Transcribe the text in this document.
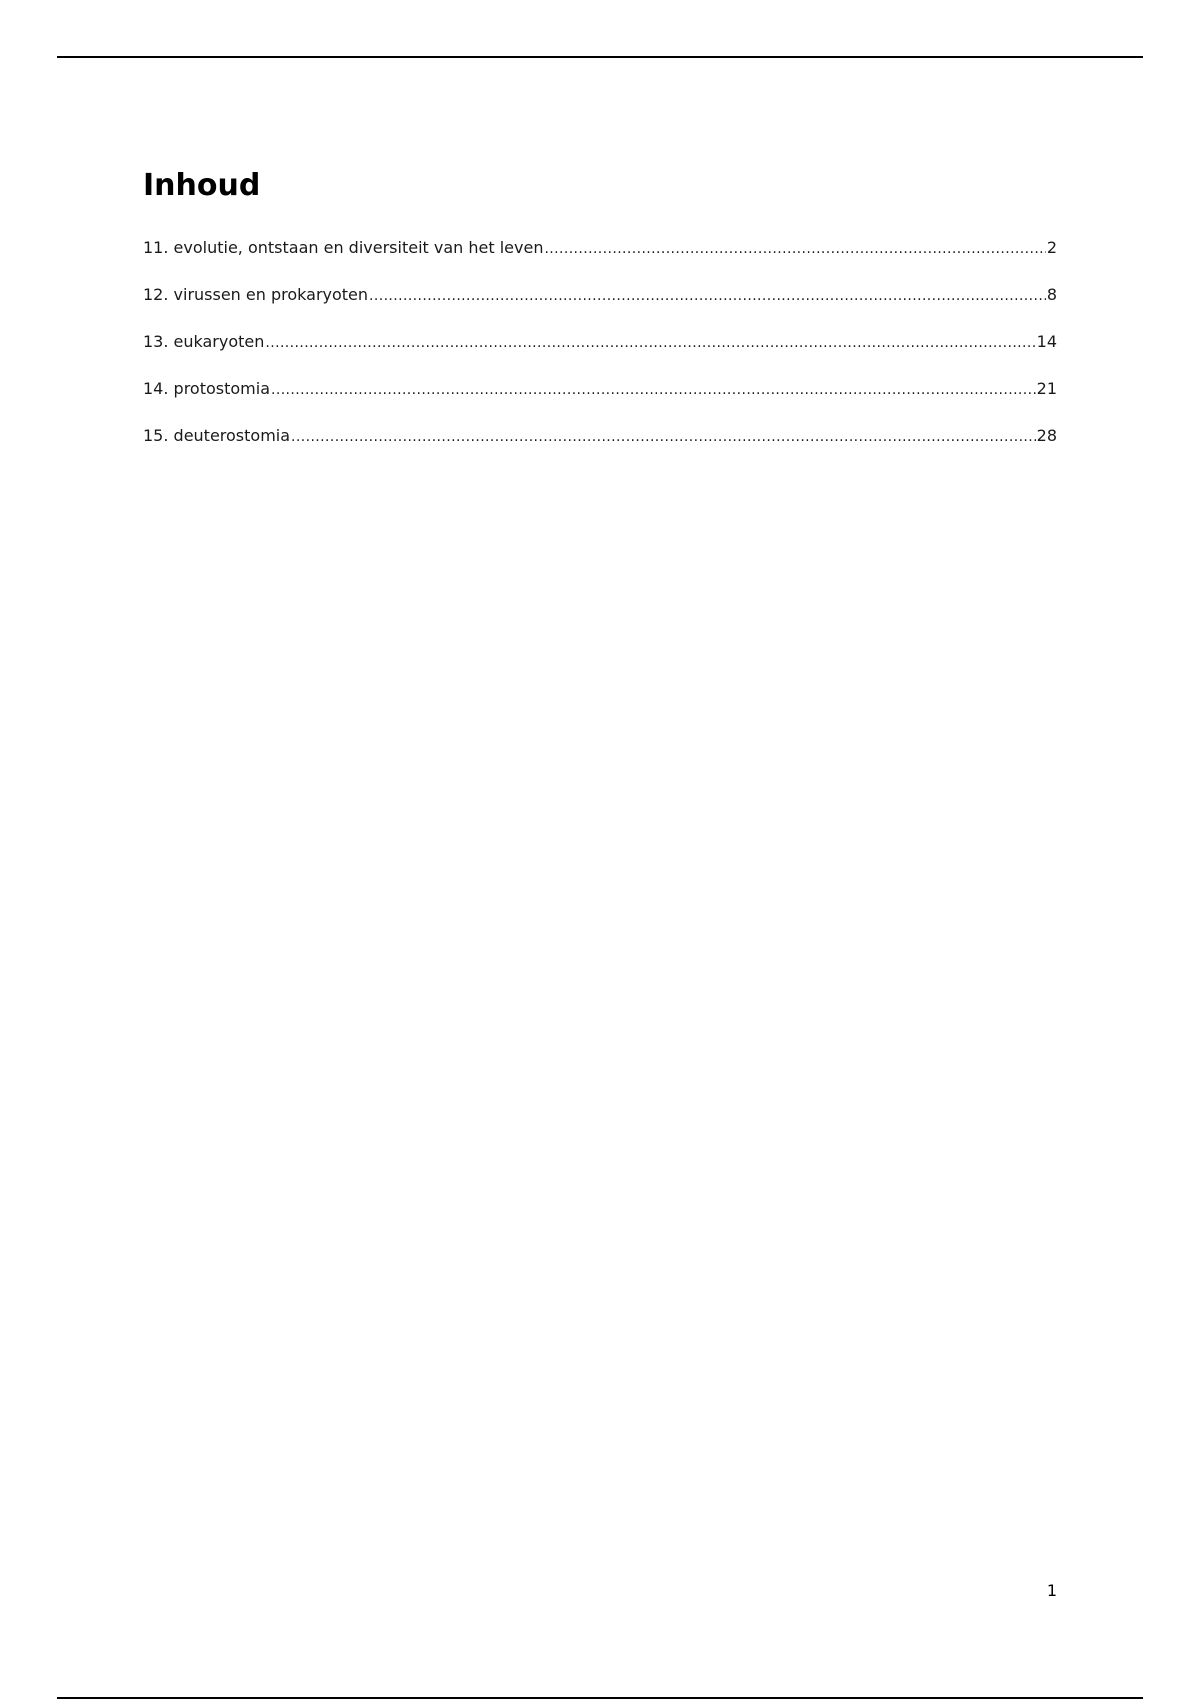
Inhoud
11. evolutie, ontstaan en diversiteit van het leven .....	2
12. virussen en prokaryoten .....	8
13. eukaryoten .....	14
14. protostomia .....	21
15. deuterostomia .....	28
1
